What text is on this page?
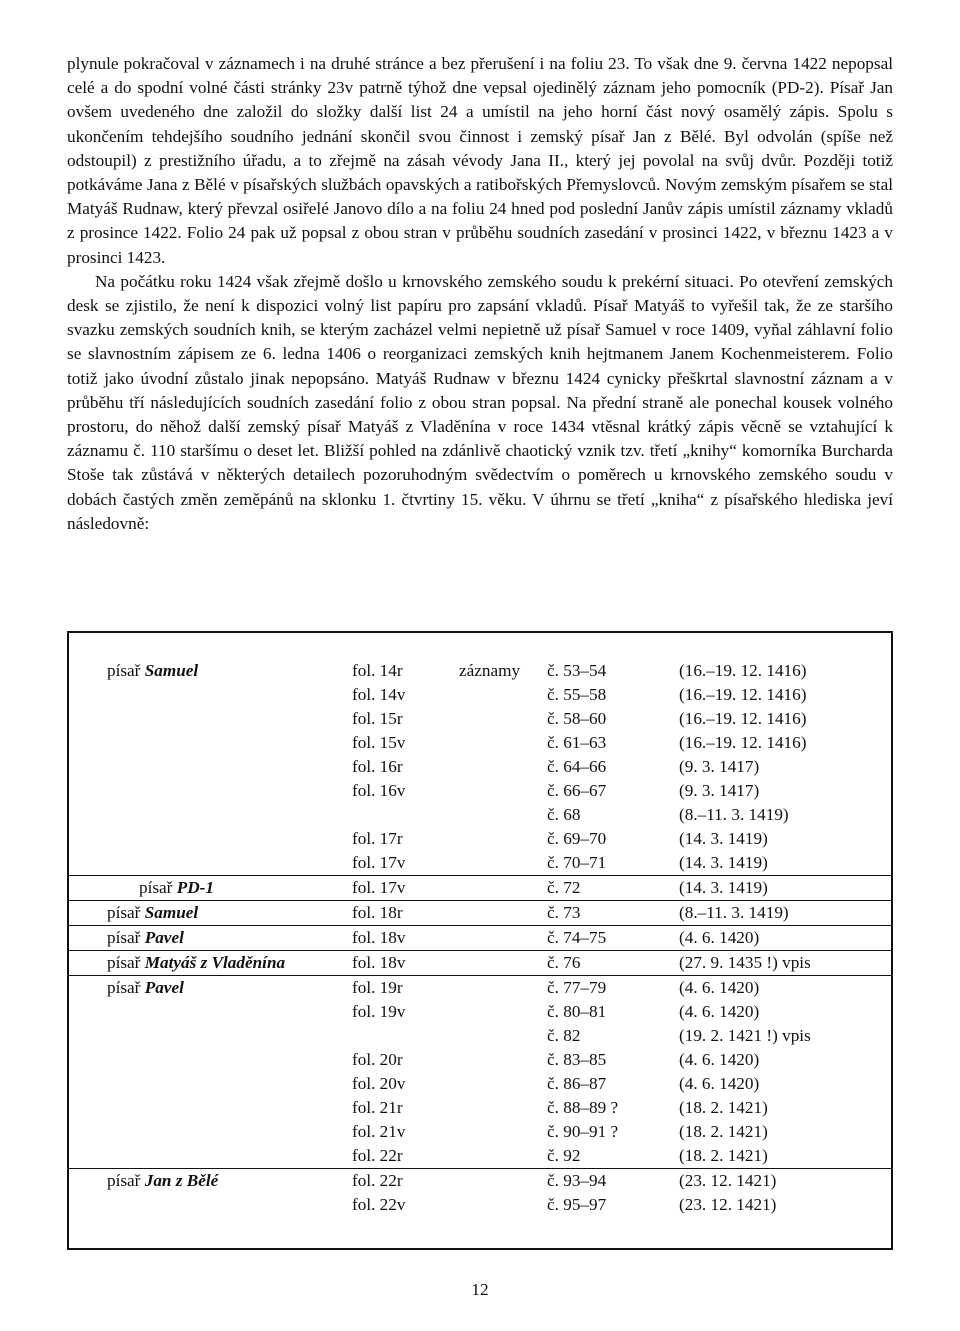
plynule pokračoval v záznamech i na druhé stránce a bez přerušení i na foliu 23. To však dne 9. června 1422 nepopsal celé a do spodní volné části stránky 23v patrně týhož dne vepsal ojedinělý záznam jeho pomocník (PD-2). Písař Jan ovšem uvedeného dne založil do složky další list 24 a umístil na jeho horní část nový osamělý zápis. Spolu s ukončením tehdejšího soudního jednání skončil svou činnost i zemský písař Jan z Bělé. Byl odvolán (spíše než odstoupil) z prestižního úřadu, a to zřejmě na zásah vévody Jana II., který jej povolal na svůj dvůr. Později totiž potkáváme Jana z Bělé v písařských službách opavských a ratibořských Přemyslovců. Novým zemským písařem se stal Matyáš Rudnaw, který převzal osiřelé Janovo dílo a na foliu 24 hned pod poslední Janův zápis umístil záznamy vkladů z prosince 1422. Folio 24 pak už popsal z obou stran v průběhu soudních zasedání v prosinci 1422, v březnu 1423 a v prosinci 1423.

Na počátku roku 1424 však zřejmě došlo u krnovského zemského soudu k prekérní situaci. Po otevření zemských desk se zjistilo, že není k dispozici volný list papíru pro zapsání vkladů. Písař Matyáš to vyřešil tak, že ze staršího svazku zemských soudních knih, se kterým zacházel velmi nepietně už písař Samuel v roce 1409, vyňal záhlavní folio se slavnostním zápisem ze 6. ledna 1406 o reorganizaci zemských knih hejtmanem Janem Kochenmeisterem. Folio totiž jako úvodní zůstalo jinak nepopsáno. Matyáš Rudnaw v březnu 1424 cynicky přeškrtal slavnostní záznam a v průběhu tří následujících soudních zasedání folio z obou stran popsal. Na přední straně ale ponechal kousek volného prostoru, do něhož další zemský písař Matyáš z Vladěnína v roce 1434 vtěsnal krátký zápis věcně se vztahující k záznamu č. 110 staršímu o deset let. Bližší pohled na zdánlivě chaotický vznik tzv. třetí „knihy“ komorníka Burcharda Stoše tak zůstává v některých detailech pozoruhodným svědectvím o poměrech u krnovského zemského soudu v dobách častých změn zeměpánů na sklonku 1. čtvrtiny 15. věku. V úhrnu se třetí „kniha“ z písařského hlediska jeví následovně:

písař Samuel	fol. 14r	záznamy č. 53–54	(16.–19. 12. 1416)
fol. 14v	č. 55–58	(16.–19. 12. 1416)
fol. 15r	č. 58–60	(16.–19. 12. 1416)
fol. 15v	č. 61–63	(16.–19. 12. 1416)
fol. 16r	č. 64–66	(9. 3. 1417)
fol. 16v	č. 66–67	(9. 3. 1417)
č. 68	(8.–11. 3. 1419)
fol. 17r	č. 69–70	(14. 3. 1419)
fol. 17v	č. 70–71	(14. 3. 1419)
písař PD-1	fol. 17v	č. 72	(14. 3. 1419)
písař Samuel	fol. 18r	č. 73	(8.–11. 3. 1419)
písař Pavel	fol. 18v	č. 74–75	(4. 6. 1420)
písař Matyáš z Vladěnína	fol. 18v	č. 76	(27. 9. 1435 !) vpis
písař Pavel	fol. 19r	č. 77–79	(4. 6. 1420)
fol. 19v	č. 80–81	(4. 6. 1420)
č. 82	(19. 2. 1421 !) vpis
fol. 20r	č. 83–85	(4. 6. 1420)
fol. 20v	č. 86–87	(4. 6. 1420)
fol. 21r	č. 88–89 ?	(18. 2. 1421)
fol. 21v	č. 90–91 ?	(18. 2. 1421)
fol. 22r	č. 92	(18. 2. 1421)
písař Jan z Bělé	fol. 22r	č. 93–94	(23. 12. 1421)
fol. 22v	č. 95–97	(23. 12. 1421)
12
